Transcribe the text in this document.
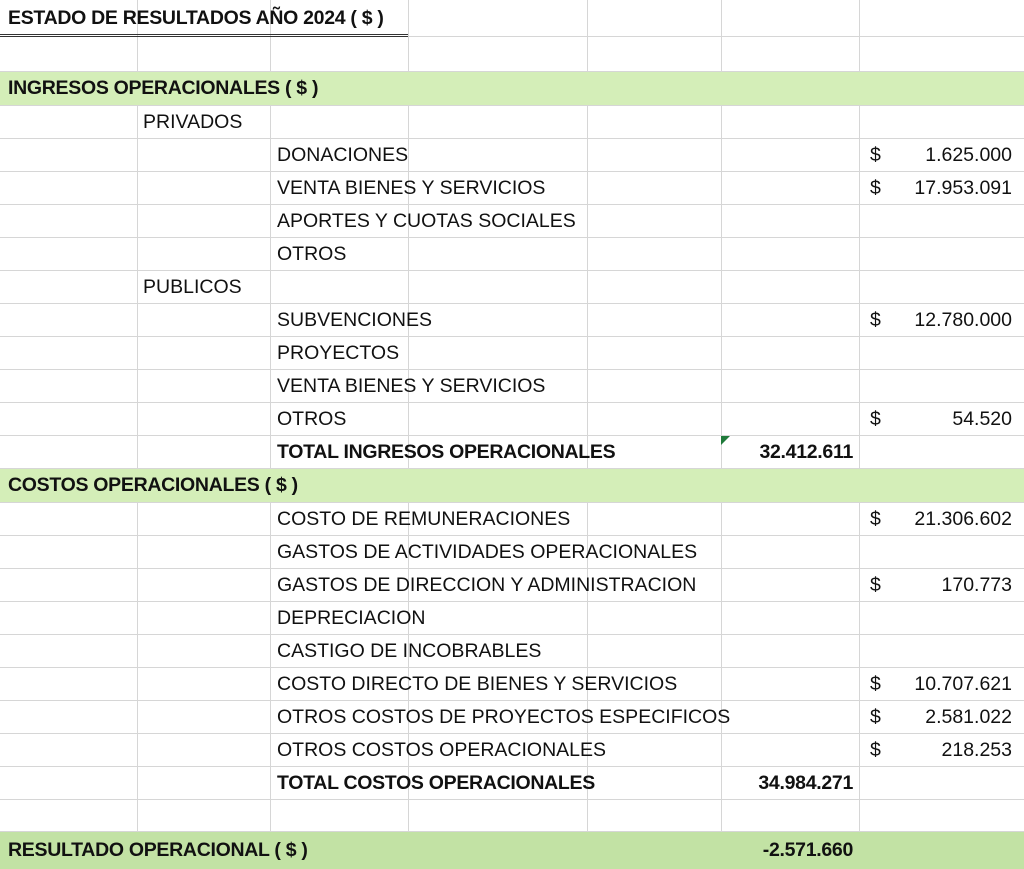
ESTADO DE RESULTADOS AÑO 2024 ( $ )
INGRESOS OPERACIONALES ( $ )
PRIVADOS
DONACIONES	$ 1.625.000
VENTA BIENES Y SERVICIOS	$ 17.953.091
APORTES Y CUOTAS SOCIALES
OTROS
PUBLICOS
SUBVENCIONES	$ 12.780.000
PROYECTOS
VENTA BIENES Y SERVICIOS
OTROS	$	54.520
TOTAL INGRESOS OPERACIONALES	32.412.611
COSTOS OPERACIONALES ( $ )
COSTO DE REMUNERACIONES	$ 21.306.602
GASTOS DE ACTIVIDADES OPERACIONALES
GASTOS DE DIRECCION Y ADMINISTRACION	$	170.773
DEPRECIACION
CASTIGO DE INCOBRABLES
COSTO DIRECTO DE BIENES Y SERVICIOS	$ 10.707.621
OTROS COSTOS DE PROYECTOS ESPECIFICOS	$ 2.581.022
OTROS COSTOS OPERACIONALES	$	218.253
TOTAL COSTOS OPERACIONALES	34.984.271
RESULTADO OPERACIONAL ( $ )	-2.571.660
